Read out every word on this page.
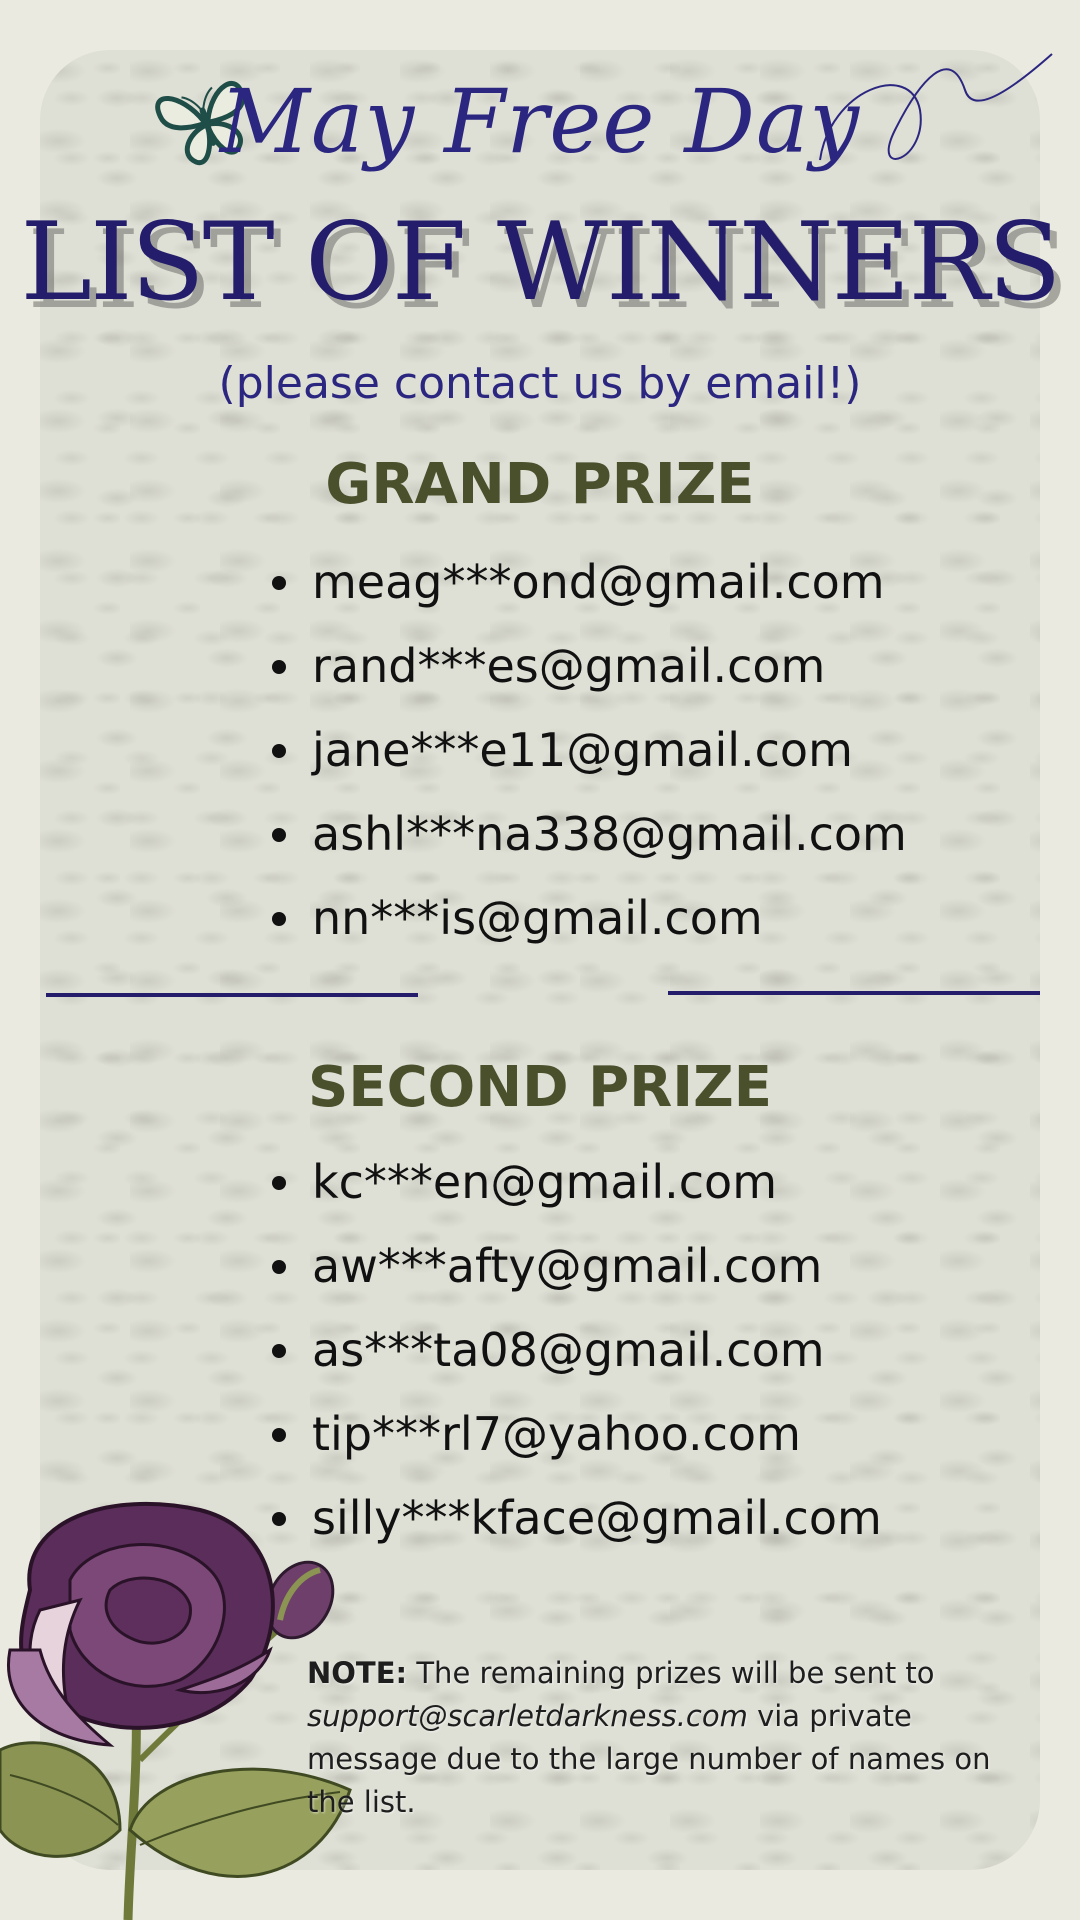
May Free Day
LIST OF WINNERS
(please contact us by email!)
GRAND PRIZE
meag***ond@gmail.com
rand***es@gmail.com
jane***e11@gmail.com
ashl***na338@gmail.com
nn***is@gmail.com
SECOND PRIZE
kc***en@gmail.com
aw***afty@gmail.com
as***ta08@gmail.com
tip***rl7@yahoo.com
silly***kface@gmail.com
NOTE: The remaining prizes will be sent to support@scarletdarkness.com via private message due to the large number of names on the list.
